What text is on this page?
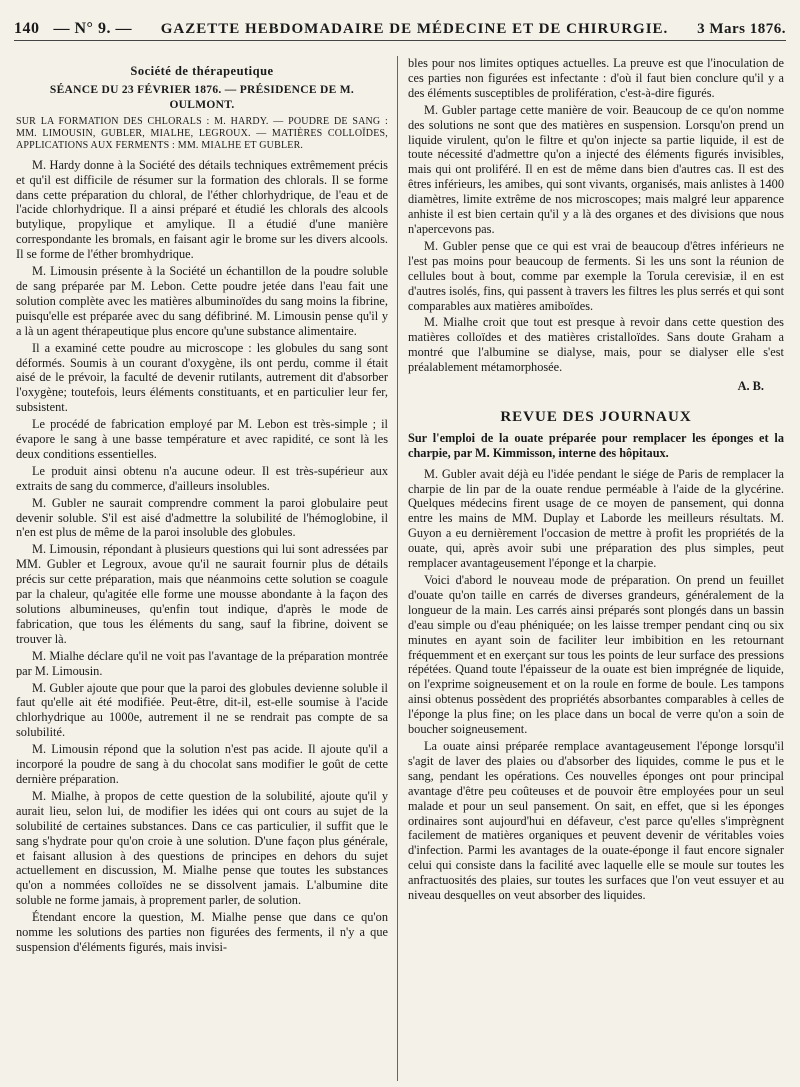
140 — N° 9. — GAZETTE HEBDOMADAIRE DE MÉDECINE ET DE CHIRURGIE. 3 Mars 1876.
Société de thérapeutique
SÉANCE DU 23 FÉVRIER 1876. — PRÉSIDENCE DE M. OULMONT.
SUR LA FORMATION DES CHLORALS : M. HARDY. — POUDRE DE SANG : MM. LIMOUSIN, GUBLER, MIALHE, LEGROUX. — MATIÈRES COLLOÏDES, APPLICATIONS AUX FERMENTS : MM. MIALHE ET GUBLER.

M. Hardy donne à la Société des détails techniques extrêmement précis et qu'il est difficile de résumer sur la formation des chlorals. Il se forme dans cette préparation du chloral, de l'éther chlorhydrique, de l'eau et de l'acide chlorhydrique. Il a ainsi préparé et étudié les chlorals des alcools butylique, propylique et amylique. Il a étudié d'une manière correspondante les bromals, en faisant agir le brome sur les divers alcools. Il se forme de l'éther bromhydrique.

M. Limousin présente à la Société un échantillon de la poudre soluble de sang préparée par M. Lebon. Cette poudre jetée dans l'eau fait une solution complète avec les matières albuminoïdes du sang moins la fibrine, puisqu'elle est préparée avec du sang défibriné. M. Limousin pense qu'il y a là un agent thérapeutique plus encore qu'une substance alimentaire.

Il a examiné cette poudre au microscope : les globules du sang sont déformés. Soumis à un courant d'oxygène, ils ont perdu, comme il était aisé de le prévoir, la faculté de devenir rutilants, autrement dit d'absorber l'oxygène; toutefois, leurs éléments constituants, et en particulier leur fer, subsistent.

Le procédé de fabrication employé par M. Lebon est très-simple ; il évapore le sang à une basse température et avec rapidité, ce sont là les deux conditions essentielles.

Le produit ainsi obtenu n'a aucune odeur. Il est très-supérieur aux extraits de sang du commerce, d'ailleurs insolubles.

M. Gubler ne saurait comprendre comment la paroi globulaire peut devenir soluble. S'il est aisé d'admettre la solubilité de l'hémoglobine, il n'en est plus de même de la paroi insoluble des globules.

M. Limousin, répondant à plusieurs questions qui lui sont adressées par MM. Gubler et Legroux, avoue qu'il ne saurait fournir plus de détails précis sur cette préparation, mais que néanmoins cette solution se coagule par la chaleur, qu'agitée elle forme une mousse abondante à la façon des solutions albumineuses, qu'enfin tout indique, d'après le mode de fabrication, que tous les éléments du sang, sauf la fibrine, doivent se trouver là.

M. Mialhe déclare qu'il ne voit pas l'avantage de la préparation montrée par M. Limousin.

M. Gubler ajoute que pour que la paroi des globules devienne soluble il faut qu'elle ait été modifiée. Peut-être, dit-il, est-elle soumise à l'acide chlorhydrique au 1000e, autrement il ne se rendrait pas compte de sa solubilité.

M. Limousin répond que la solution n'est pas acide. Il ajoute qu'il a incorporé la poudre de sang à du chocolat sans modifier le goût de cette dernière préparation.

M. Mialhe, à propos de cette question de la solubilité, ajoute qu'il y aurait lieu, selon lui, de modifier les idées qui ont cours au sujet de la solubilité de certaines substances. Dans ce cas particulier, il suffit que le sang s'hydrate pour qu'on croie à une solution. D'une façon plus générale, et faisant allusion à des questions de principes en dehors du sujet actuellement en discussion, M. Mialhe pense que toutes les substances qu'on a nommées colloïdes ne se dissolvent jamais. L'albumine dite soluble ne forme jamais, à proprement parler, de solution.

Étendant encore la question, M. Mialhe pense que dans ce qu'on nomme les solutions des parties non figurées des ferments, il n'y a que suspension d'éléments figurés, mais invisi-

bles pour nos limites optiques actuelles. La preuve est que l'inoculation de ces parties non figurées est infectante : d'où il faut bien conclure qu'il y a des éléments susceptibles de prolifération, c'est-à-dire figurés.

M. Gubler partage cette manière de voir. Beaucoup de ce qu'on nomme des solutions ne sont que des matières en suspension. Lorsqu'on prend un liquide virulent, qu'on le filtre et qu'on injecte sa partie liquide, il est de toute nécessité d'admettre qu'on a injecté des éléments figurés invisibles, mais qui ont proliféré. Il en est de même dans bien d'autres cas. Il est des êtres inférieurs, les amibes, qui sont vivants, organisés, mais anlistes à 1400 diamètres, limite extrême de nos microscopes; mais malgré leur apparence anhiste il est bien certain qu'il y a là des organes et des divisions que nous n'apercevons pas.

M. Gubler pense que ce qui est vrai de beaucoup d'êtres inférieurs ne l'est pas moins pour beaucoup de ferments. Si les uns sont la réunion de cellules bout à bout, comme par exemple la Torula cerevisiæ, il en est d'autres isolés, fins, qui passent à travers les filtres les plus serrés et qui sont comparables aux matières amiboïdes.

M. Mialhe croit que tout est presque à revoir dans cette question des matières colloïdes et des matières cristalloïdes. Sans doute Graham a montré que l'albumine se dialyse, mais, pour se dialyser elle s'est préalablement métamorphosée.

A. B.
REVUE DES JOURNAUX
Sur l'emploi de la ouate préparée pour remplacer les éponges et la charpie, par M. Kimmisson, interne des hôpitaux.

M. Gubler avait déjà eu l'idée pendant le siége de Paris de remplacer la charpie de lin par de la ouate rendue perméable à l'aide de la glycérine. Quelques médecins firent usage de ce moyen de pansement, qui donna entre les mains de MM. Duplay et Laborde les meilleurs résultats. M. Guyon a eu dernièrement l'occasion de mettre à profit les propriétés de la ouate, qui, après avoir subi une préparation des plus simples, peut remplacer avantageusement l'éponge et la charpie.

Voici d'abord le nouveau mode de préparation. On prend un feuillet d'ouate qu'on taille en carrés de diverses grandeurs, généralement de la longueur de la main. Les carrés ainsi préparés sont plongés dans un bassin d'eau simple ou d'eau phéniquée; on les laisse tremper pendant cinq ou six minutes en ayant soin de faciliter leur imbibition en les retournant fréquemment et en exerçant sur tous les points de leur surface des pressions répétées. Quand toute l'épaisseur de la ouate est bien imprégnée de liquide, on l'exprime soigneusement et on la roule en forme de boule. Les tampons ainsi obtenus possèdent des propriétés absorbantes comparables à celles de l'éponge la plus fine; on les place dans un bocal de verre qu'on a soin de boucher soigneusement.

La ouate ainsi préparée remplace avantageusement l'éponge lorsqu'il s'agit de laver des plaies ou d'absorber des liquides, comme le pus et le sang, pendant les opérations. Ces nouvelles éponges ont pour principal avantage d'être peu coûteuses et de pouvoir être employées pour un seul malade et pour un seul pansement. On sait, en effet, que si les éponges ordinaires sont aujourd'hui en défaveur, c'est parce qu'elles s'imprègnent facilement de matières organiques et peuvent devenir de véritables voies d'infection. Parmi les avantages de la ouate-éponge il faut encore signaler celui qui consiste dans la facilité avec laquelle elle se moule sur toutes les anfractuosités des plaies, sur toutes les surfaces que l'on veut essuyer et au niveau desquelles on veut absorber des liquides.
